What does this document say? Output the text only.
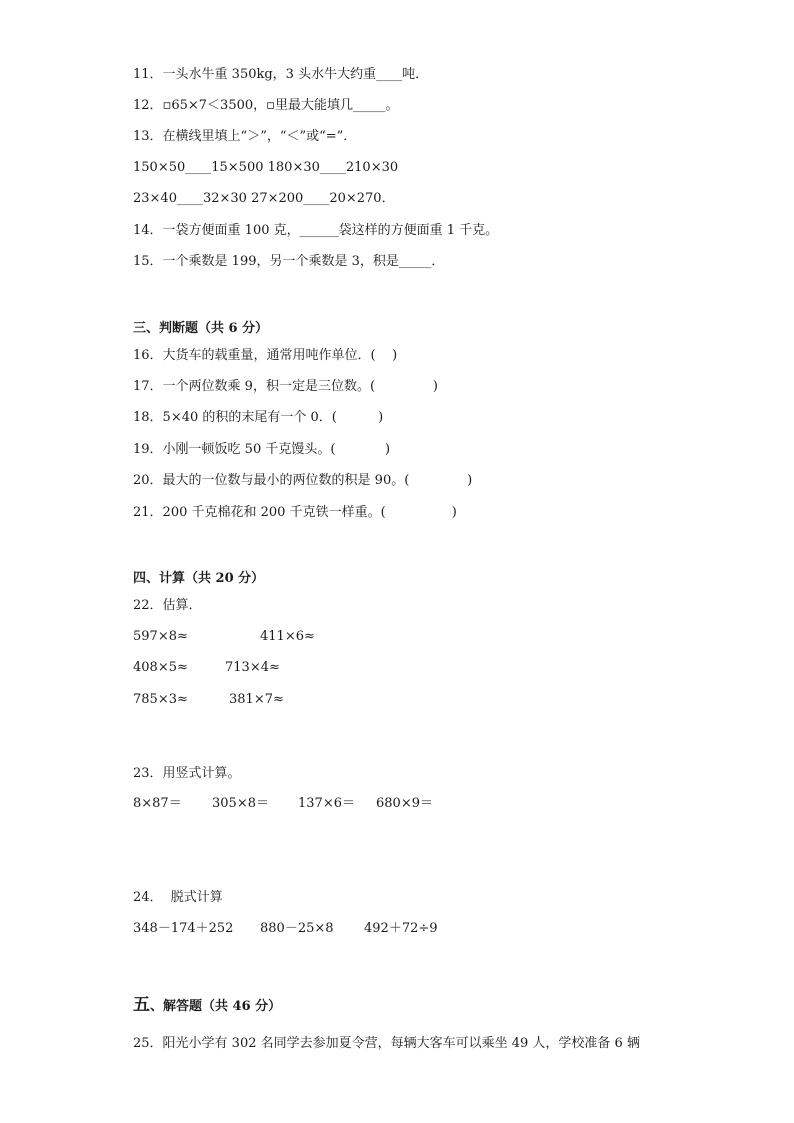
11．一头水牛重 350kg，3 头水牛大约重____吨．
12．▫65×7＜3500，▫里最大能填几_____。
13．在横线里填上“＞”，“＜”或“=”．
150×50____15×500 180×30____210×30
23×40____32×30 27×200____20×270．
14．一袋方便面重 100 克，______袋这样的方便面重 1 千克。
15．一个乘数是 199，另一个乘数是 3，积是_____．
三、判断题（共 6 分）
16．大货车的载重量，通常用吨作单位．(    )
17．一个两位数乘 9，积一定是三位数。(              )
18．5×40 的积的末尾有一个 0．(          )
19．小刚一顿饭吃 50 千克馒头。(            )
20．最大的一位数与最小的两位数的积是 90。(              )
21．200 千克棉花和 200 千克铁一样重。(                )
四、计算（共 20 分）
22．估算．
597×8≈	411×6≈
408×5≈	713×4≈
785×3≈	381×7≈
23．用竖式计算。
8×87＝ 305×8＝ 137×6＝ 680×9＝
24．  脱式计算
348－174＋252 880－25×8 492＋72÷9
五、解答题（共 46 分）
25．阳光小学有 302 名同学去参加夏令营，每辆大客车可以乘坐 49 人，学校准备 6 辆
